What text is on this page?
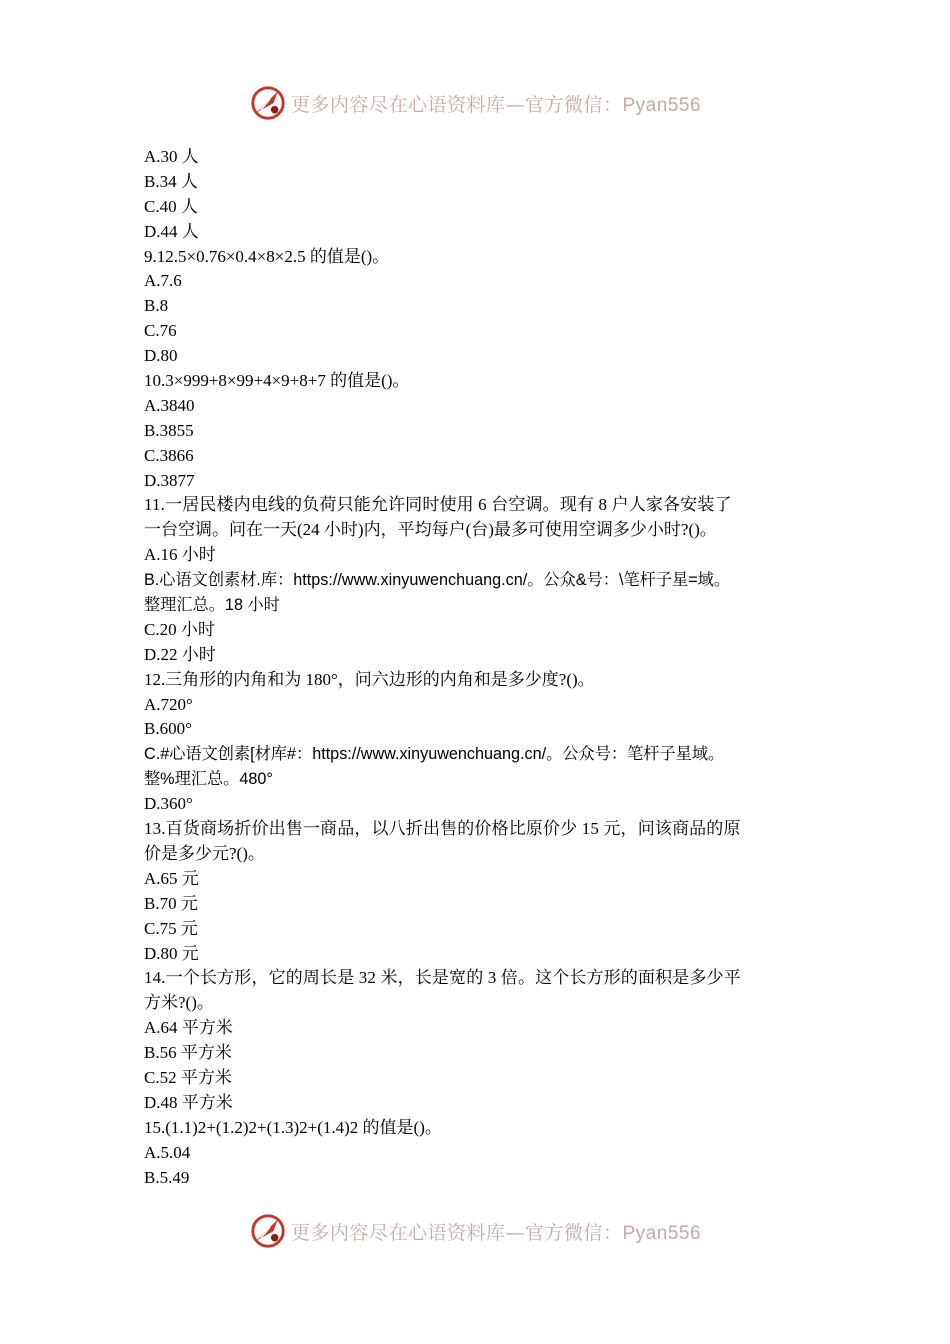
更多内容尽在心语资料库—官方微信：Pyan556
A.30 人
B.34 人
C.40 人
D.44 人
9.12.5×0.76×0.4×8×2.5 的值是()。
A.7.6
B.8
C.76
D.80
10.3×999+8×99+4×9+8+7 的值是()。
A.3840
B.3855
C.3866
D.3877
11.一居民楼内电线的负荷只能允许同时使用 6 台空调。现有 8 户人家各安装了
一台空调。问在一天(24 小时)内，平均每户(台)最多可使用空调多少小时?()。
A.16 小时
B.心语文创素材.库：https://www.xinyuwenchuang.cn/。公众&号：\笔杆子星=域。
整理汇总。18 小时
C.20 小时
D.22 小时
12.三角形的内角和为 180°，问六边形的内角和是多少度?()。
A.720°
B.600°
C.#心语文创素[材库#：https://www.xinyuwenchuang.cn/。公众号：笔杆子星域。
整%理汇总。480°
D.360°
13.百货商场折价出售一商品，以八折出售的价格比原价少 15 元，问该商品的原
价是多少元?()。
A.65 元
B.70 元
C.75 元
D.80 元
14.一个长方形，它的周长是 32 米，长是宽的 3 倍。这个长方形的面积是多少平
方米?()。
A.64 平方米
B.56 平方米
C.52 平方米
D.48 平方米
15.(1.1)2+(1.2)2+(1.3)2+(1.4)2 的值是()。
A.5.04
B.5.49
更多内容尽在心语资料库—官方微信：Pyan556
